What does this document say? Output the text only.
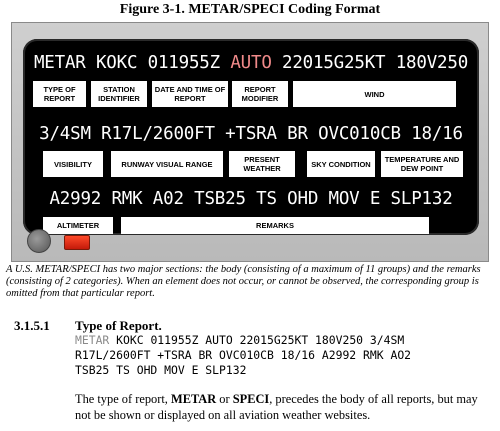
Figure 3-1. METAR/SPECI Coding Format
METAR KOKC 011955Z AUTO 22015G25KT 180V250
TYPE OF REPORT
STATION IDENTIFIER
DATE AND TIME OF REPORT
REPORT MODIFIER	WIND
3/4SM R17L/2600FT +TSRA BR OVC010CB 18/16
VISIBILITY	RUNWAY VISUAL RANGE	PRESENT WEATHER	SKY CONDITION	TEMPERATURE AND DEW POINT
A2992 RMK A02 TSB25 TS OHD MOV E SLP132
ALTIMETER	REMARKS
A U.S. METAR/SPECI has two major sections: the body (consisting of a maximum of 11 groups) and the remarks (consisting of 2 categories). When an element does not occur, or cannot be observed, the corresponding group is omitted from that particular report.
3.1.5.1 Type of Report.
METAR KOKC 011955Z AUTO 22015G25KT 180V250 3/4SM
R17L/2600FT +TSRA BR OVC010CB 18/16 A2992 RMK AO2
TSB25 TS OHD MOV E SLP132
The type of report, METAR or SPECI, precedes the body of all reports, but may not be shown or displayed on all aviation weather websites.
